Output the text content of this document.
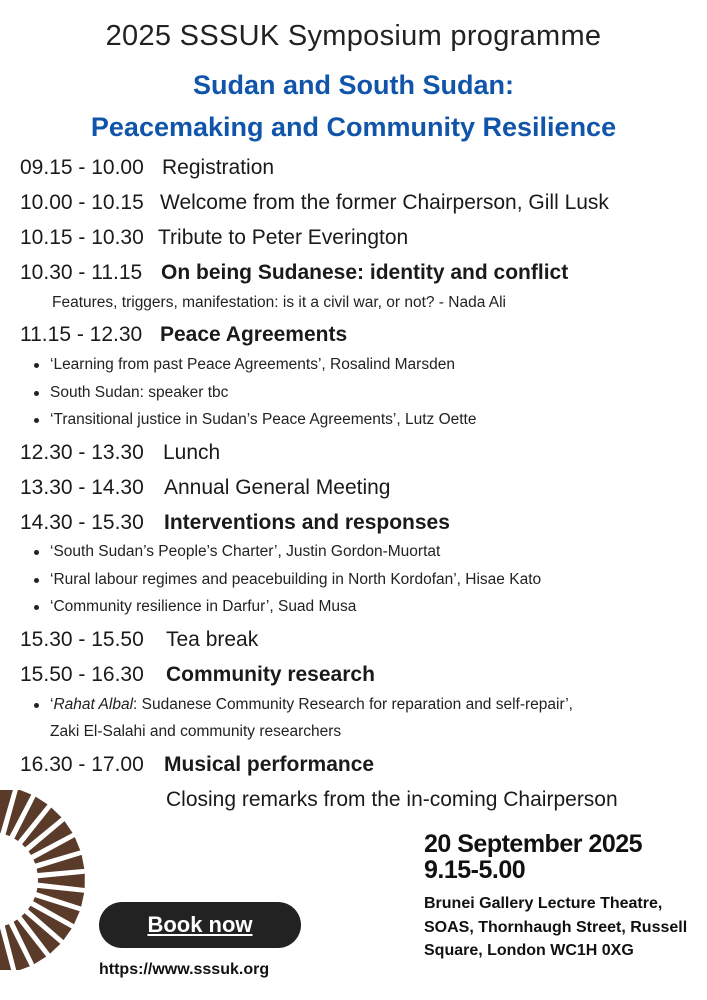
2025 SSSUK Symposium programme
Sudan and South Sudan:
Peacemaking and Community Resilience
09.15 - 10.00 Registration
10.00 - 10.15 Welcome from the former Chairperson, Gill Lusk
10.15 - 10.30 Tribute to Peter Everington
10.30 - 11.15 On being Sudanese: identity and conflict
Features, triggers, manifestation: is it a civil war, or not? - Nada Ali
11.15 - 12.30 Peace Agreements
‘Learning from past Peace Agreements’, Rosalind Marsden
South Sudan: speaker tbc
‘Transitional justice in Sudan’s Peace Agreements’, Lutz Oette
12.30 - 13.30 Lunch
13.30 - 14.30 Annual General Meeting
14.30 - 15.30 Interventions and responses
‘South Sudan’s People’s Charter’, Justin Gordon-Muortat
‘Rural labour regimes and peacebuilding in North Kordofan’, Hisae Kato
‘Community resilience in Darfur’, Suad Musa
15.30 - 15.50 Tea break
15.50 - 16.30 Community research
‘Rahat Albal: Sudanese Community Research for reparation and self-repair’,
Zaki El-Salahi and community researchers
16.30 - 17.00 Musical performance
Closing remarks from the in-coming Chairperson
20 September 2025
9.15-5.00
Brunei Gallery Lecture Theatre, SOAS, Thornhaugh Street, Russell Square, London WC1H 0XG
Book now
https://www.sssuk.org
